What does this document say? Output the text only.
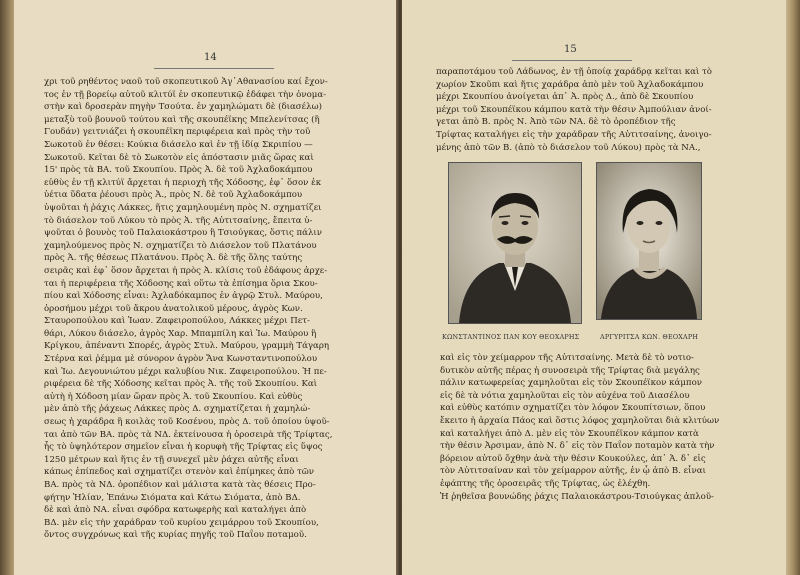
14

χρι τοῦ ρηθέντος ναοῦ τοῦ σκοπευτικοῦ Ἀγ᾿Αθανασίου καί ἔχον-

τος ἐν τῇ βορείῳ αὐτοῦ κλιτύϊ ἐν σκοπευτικῷ ἐδάφει τὴν ὀνομα-

στὴν καὶ δροσερὰν πηγὴν Τσούτα. ἐν χαμηλώματι δὲ (διασέλω)

μεταξὺ τοῦ βουνοῦ τούτου καὶ τῆς σκουπέϊκης Μπελενίτσας (ἢ

Γουδάν) γειτνιάζει ἡ σκουπέϊκη περιφέρεια καὶ πρὸς τὴν τοῦ

Σωκοτοῦ ἐν θέσει: Κούκια διάσελο καὶ ἐν τῇ ἰδίᾳ Σκριπίου —

Σωκοτοῦ. Κεῖται δὲ τὸ Σωκοτὸν εἰς ἀπόστασιν μιᾶς ὥρας καὶ

15' πρὸς τὰ ΒΑ. τοῦ Σκουπίου. Πρὸς Ἀ. δὲ τοῦ Ἀχλαδοκάμπου

εὑθὺς ἐν τῇ κλιτύϊ ἄρχεται ἡ περιοχὴ τῆς Χόδοσης, ἐφ᾿ ὅσον ἐκ

ὑέτια ὕδατα ῥέουσι πρὸς Ἀ., πρὸς Ν. δὲ τοῦ Ἀχλαδοκάμπου

ὑψοῦται ἡ ῥάχις Λάκκες, ἥτις χαμηλουμένη πρὸς Ν. σχηματίζει

τὸ διάσελον τοῦ Λύκου τὸ πρὸς Ἀ. τῆς Αὐτιτσαίνης, ἔπειτα ὑ-

ψοῦται ὁ βουνὸς τοῦ Παλαιοκάστρου ἢ Τσιούγκας, ὅστις πάλιν

χαμηλούμενος πρὸς Ν. σχηματίζει τὸ Διάσελον τοῦ Πλατάνου

πρὸς Ἀ. τῆς θέσεως Πλατάνου. Πρὸς Ἀ. δὲ τῆς ὅλης ταύτης

σειρᾶς καὶ ἐφ᾿ ὅσον ἄρχεται ἡ πρὸς Ἀ. κλίσις τοῦ ἐδάφους ἀρχε-

ται ἡ περιφέρεια τῆς Χόδοσης καὶ οὕτω τὰ ἐπίσημα ὅρια Σκου-

πίου καὶ Χόδοσης εἶναι: Ἀχλαδόκαμπος ἐν ἀγρῷ Στυλ. Μαύρου,

ὁροσήμου μέχρι τοῦ ἄκρου ἀνατολικοῦ μέρους, ἀγρὸς Κων.

Σταυροπούλου καὶ Ἰωαν. Ζαφειροπούλου, Λάκκες μέχρι Πετ-

θάρι, Λύκου διάσελο, ἀγρὸς Χαρ. Μπαμπίλη καὶ Ἰω. Μαύρου ἢ

Κρίγκου, ἀπέναντι Σπορές, ἀγρὸς Στυλ. Μαύρου, γραμμὴ Τάγαρη

Στέρνα καὶ ῥέμμα μὲ σύνορον ἀγρὸν Ἄνα Κωνσταντινοπούλου

καὶ Ἰω. Δεγουνιώτου μέχρι καλυβίου Νικ. Ζαφειροπούλου. Ἡ πε-

ριφέρεια δὲ τῆς Χόδοσης κεῖται πρὸς Ἀ. τῆς τοῦ Σκουπίου. Καὶ

αὐτὴ ἡ Χόδοση μίαν ὥραν πρὸς Ἀ. τοῦ Σκουπίου. Καὶ εὐθὺς

μὲν ἀπὸ τῆς ῥάχεως Λάκκες πρὸς Δ. σχηματίζεται ἡ χαμηλώ-

σεως ἡ χαράδρα ἢ κοιλὰς τοῦ Κοσένου, πρὸς Δ. τοῦ ὁποίου ὑψοῦ-

ται ἀπὸ τῶν ΒΑ. πρὸς τὰ ΝΔ. ἐκτείνουσα ἡ ὀροσειρὰ τῆς Τρίφτας,

ἧς τὸ ὑψηλότερον σημεῖον εἶναι ἡ κορυφὴ τῆς Τρίφτας εἰς ὕψος

1250 μέτρων καὶ ἥτις ἐν τῇ συνεχεῖ μὲν ῥάχει αὐτῆς εἶναι

κάπως ἐπίπεδος καὶ σχηματίζει στενὸν καὶ ἐπίμηκες ἀπὸ τῶν

ΒΑ. πρὸς τὰ ΝΔ. ὀροπέδιον καὶ μάλιστα κατὰ τὰς θέσεις Προ-

φήτην Ἡλίαν, Ἐπάνω Σιόματα καὶ Κάτω Σιόματα, ἀπὸ ΒΔ.

δὲ καὶ ἀπὸ ΝΑ. εἶναι σφόδρα κατωφερὴς καὶ καταλήγει ἀπὸ

ΒΔ. μὲν εἰς τὴν χαράδραν τοῦ κυρίου χειμάρρου τοῦ Σκουπίου,

ὄντος συγχρόνως καὶ τῆς κυρίας πηγῆς τοῦ Παΐου ποταμοῦ.

15

παραποτάμου τοῦ Λάδωνος, ἐν τῇ ὁποίᾳ χαράδρᾳ κεῖται καὶ τὸ

χωρίον Σκοῦπι καὶ ἥτις χαράδρα ἀπὸ μὲν τοῦ Ἀχλαδοκάμπου

μέχρι Σκουπίου ἀνοίγεται ἀπ᾿ Ἀ. πρὸς Δ., ἀπὸ δὲ Σκουπίου

μέχρι τοῦ Σκουπέϊκου κάμπου κατὰ τὴν θέσιν Ἀμπούλιαν ἀνοί-

γεται ἀπὸ Β. πρὸς Ν. Ἀπὸ τῶν ΝΑ. δὲ τὸ ὀροπέδιον τῆς

Τρίφτας καταλήγει εἰς τὴν χαράδραν τῆς Αὐτιτσαίνης, ἀνοιγο-

μένης ἀπὸ τῶν Β. (ἀπὸ τὸ διάσελον τοῦ Λύκου) πρὸς τὰ ΝΑ.,

ΚΩΝΣΤΑΝΤΙΝΟΣ ΠΑΝ ΚΟΥ ΘΕΟΧΑΡΗΣ	ΑΡΓΥΡΙΤΣΑ ΚΩΝ. ΘΕΟΧΑΡΗ

καὶ εἰς τὸν χείμαρρον τῆς Αὐτιτσαίνης. Μετὰ δὲ τὸ νοτιο-

δυτικὸν αὐτῆς πέρας ἡ συνοσειρὰ τῆς Τρίφτας διὰ μεγάλης

πάλιν κατωφερείας χαμηλοῦται εἰς τὸν Σκουπέϊκον κάμπον

εἰς δὲ τὰ νότια χαμηλοῦται εἰς τὸν αὐχένα τοῦ Διασέλου

καὶ εὐθὺς κατόπιν σχηματίζει τὸν λόφον Σκουπίτσιων, ὅπου

ἔκειτο ἡ ἀρχαία Πάος καὶ ὅστις λόφος χαμηλοῦται διὰ κλιτύων

καὶ καταλήγει ἀπὸ Δ. μὲν εἰς τὸν Σκουπέϊκον κάμπον κατὰ

τὴν θέσιν Ἀρσιμαν, ἀπὸ Ν. δ᾿ εἰς τὸν Παΐον ποταμὸν κατὰ τὴν

βόρειον αὐτοῦ ὄχθην ἀνὰ τὴν θέσιν Κουκούλες, ἀπ᾿ Ἀ. δ᾿ εἰς

τὸν Αὐτιτσαίναν καὶ τὸν χείμαρρον αὐτῆς, ἐν ᾧ ἀπὸ Β. εἶναι

ἐφάπτης τῆς ὀροσειρᾶς τῆς Τρίφτας, ὡς ἐλέχθη.

Ἡ ῥηθεῖσα βουνώδης ῥάχις Παλαιοκάστρου-Τσιούγκας ἀπλοῦ-
